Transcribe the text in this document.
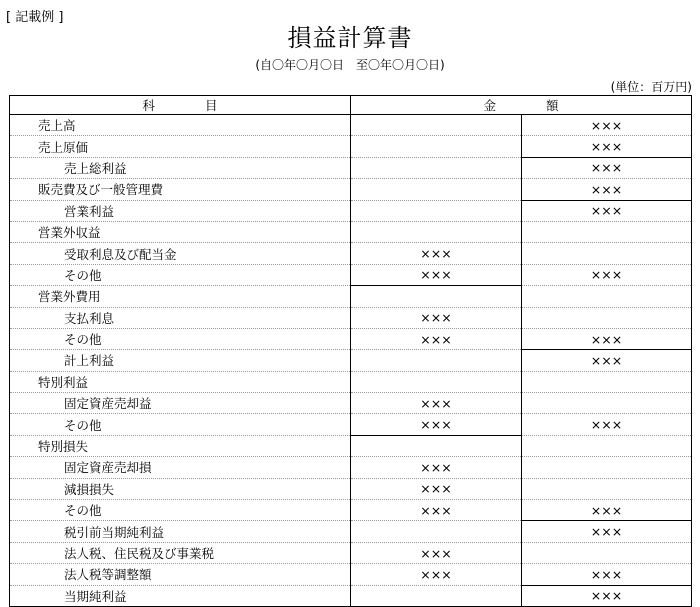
[ 記載例 ]
損益計算書
(自〇年〇月〇日　至〇年〇月〇日)
(単位：百万円)
科　　　　目	金　　　　額	
売上高		×××
売上原価		×××
売上総利益		×××
販売費及び一般管理費		×××
営業利益		×××
営業外収益		
受取利息及び配当金	×××	
その他	×××	×××
営業外費用		
支払利息	×××	
その他	×××	×××
計上利益		×××
特別利益		
固定資産売却益	×××	
その他	×××	×××
特別損失		
固定資産売却損	×××	
減損損失	×××	
その他	×××	×××
税引前当期純利益		×××
法人税、住民税及び事業税	×××	
法人税等調整額	×××	×××
当期純利益		×××
